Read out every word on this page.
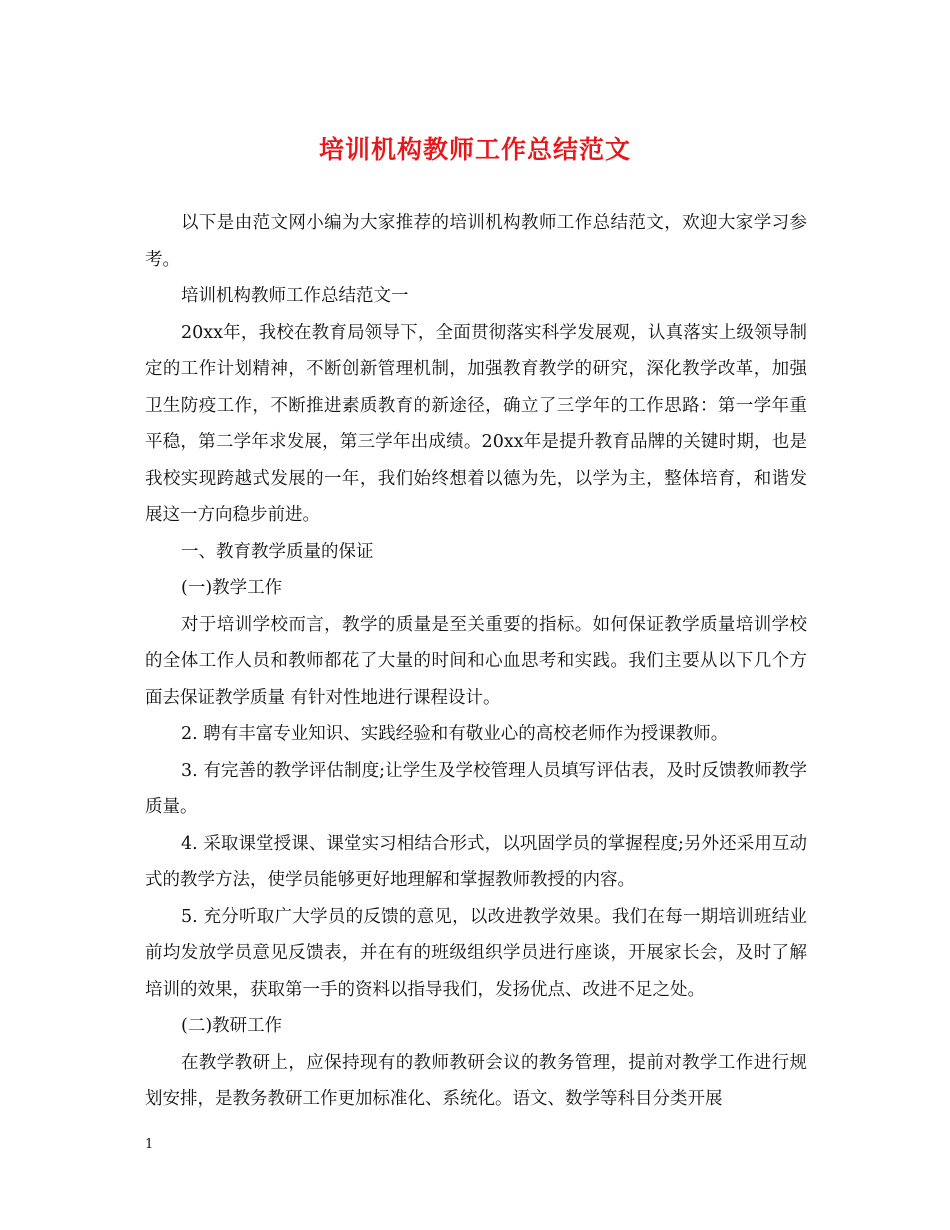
培训机构教师工作总结范文

以下是由范文网小编为大家推荐的培训机构教师工作总结范文，欢迎大家学习参考。

培训机构教师工作总结范文一

20xx年，我校在教育局领导下，全面贯彻落实科学发展观，认真落实上级领导制定的工作计划精神，不断创新管理机制，加强教育教学的研究，深化教学改革，加强卫生防疫工作，不断推进素质教育的新途径，确立了三学年的工作思路：第一学年重平稳，第二学年求发展，第三学年出成绩。20xx年是提升教育品牌的关键时期，也是我校实现跨越式发展的一年，我们始终想着以德为先，以学为主，整体培育，和谐发展这一方向稳步前进。

一、教育教学质量的保证

(一)教学工作

对于培训学校而言，教学的质量是至关重要的指标。如何保证教学质量培训学校的全体工作人员和教师都花了大量的时间和心血思考和实践。我们主要从以下几个方面去保证教学质量 有针对性地进行课程设计。

2. 聘有丰富专业知识、实践经验和有敬业心的高校老师作为授课教师。

3. 有完善的教学评估制度;让学生及学校管理人员填写评估表，及时反馈教师教学质量。

4. 采取课堂授课、课堂实习相结合形式，以巩固学员的掌握程度;另外还采用互动式的教学方法，使学员能够更好地理解和掌握教师教授的内容。

5. 充分听取广大学员的反馈的意见，以改进教学效果。我们在每一期培训班结业前均发放学员意见反馈表，并在有的班级组织学员进行座谈，开展家长会，及时了解培训的效果，获取第一手的资料以指导我们，发扬优点、改进不足之处。

(二)教研工作

在教学教研上，应保持现有的教师教研会议的教务管理，提前对教学工作进行规划安排，是教务教研工作更加标准化、系统化。语文、数学等科目分类开展

1
